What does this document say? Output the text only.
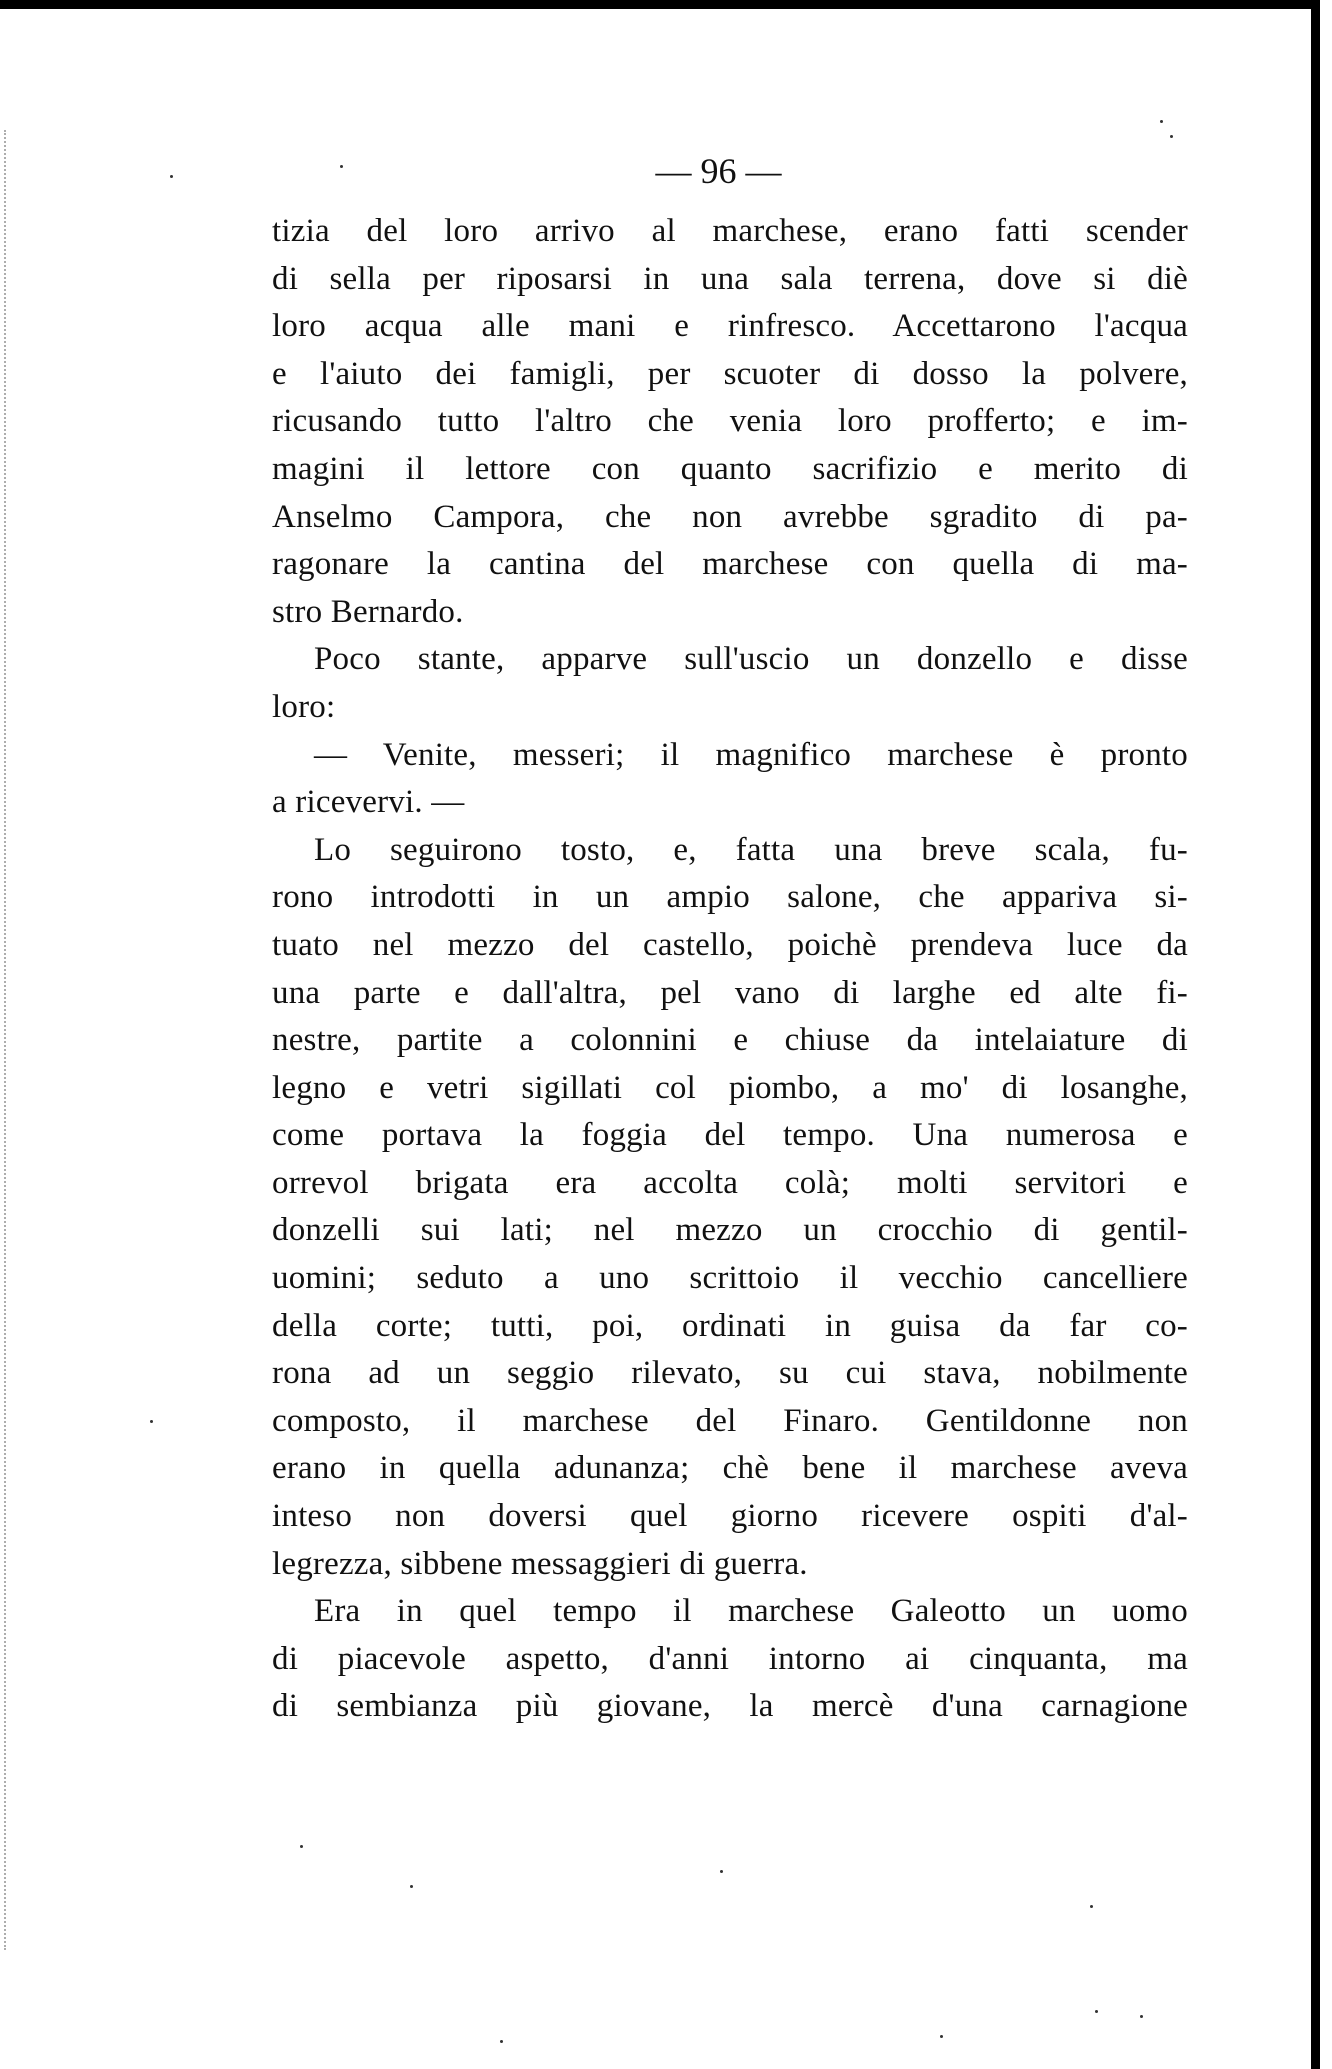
— 96 —
tizia del loro arrivo al marchese, erano fatti scender
di sella per riposarsi in una sala terrena, dove si diè
loro acqua alle mani e rinfresco. Accettarono l'acqua
e l'aiuto dei famigli, per scuoter di dosso la polvere,
ricusando tutto l'altro che venia loro profferto; e im-
magini il lettore con quanto sacrifizio e merito di
Anselmo Campora, che non avrebbe sgradito di pa-
ragonare la cantina del marchese con quella di ma-
stro Bernardo.
Poco stante, apparve sull'uscio un donzello e disse
loro:
— Venite, messeri; il magnifico marchese è pronto
a ricevervi. —
Lo seguirono tosto, e, fatta una breve scala, fu-
rono introdotti in un ampio salone, che appariva si-
tuato nel mezzo del castello, poichè prendeva luce da
una parte e dall'altra, pel vano di larghe ed alte fi-
nestre, partite a colonnini e chiuse da intelaiature di
legno e vetri sigillati col piombo, a mo' di losanghe,
come portava la foggia del tempo. Una numerosa e
orrevol brigata era accolta colà; molti servitori e
donzelli sui lati; nel mezzo un crocchio di gentil-
uomini; seduto a uno scrittoio il vecchio cancelliere
della corte; tutti, poi, ordinati in guisa da far co-
rona ad un seggio rilevato, su cui stava, nobilmente
composto, il marchese del Finaro. Gentildonne non
erano in quella adunanza; chè bene il marchese aveva
inteso non doversi quel giorno ricevere ospiti d'al-
legrezza, sibbene messaggieri di guerra.
Era in quel tempo il marchese Galeotto un uomo
di piacevole aspetto, d'anni intorno ai cinquanta, ma
di sembianza più giovane, la mercè d'una carnagione
